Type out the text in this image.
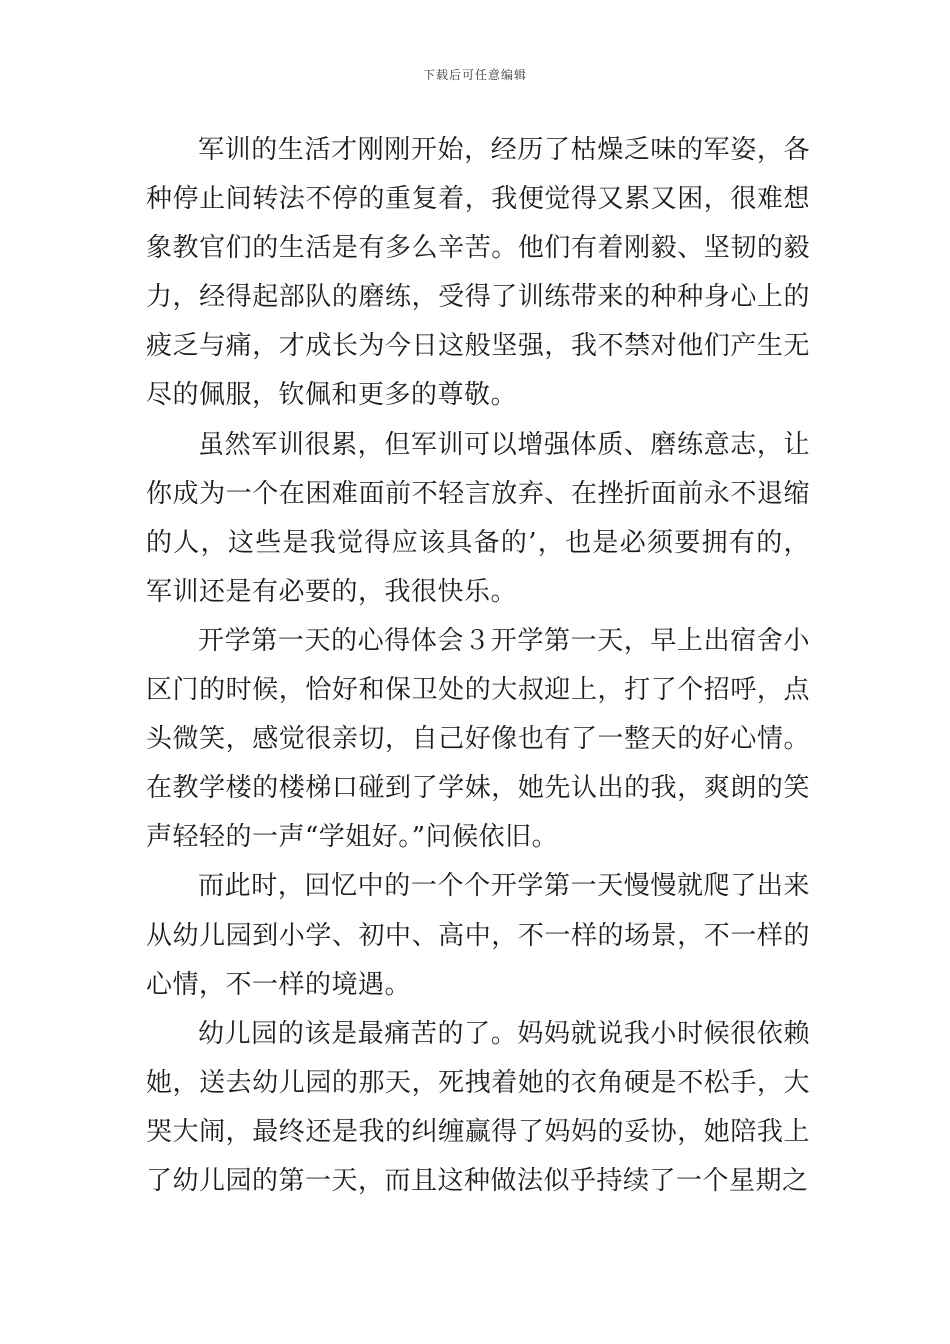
下载后可任意编辑

军训的生活才刚刚开始，经历了枯燥乏味的军姿，各种停止间转法不停的重复着，我便觉得又累又困，很难想象教官们的生活是有多么辛苦。他们有着刚毅、坚韧的毅力，经得起部队的磨练，受得了训练带来的种种身心上的疲乏与痛，才成长为今日这般坚强，我不禁对他们产生无尽的佩服，钦佩和更多的尊敬。

虽然军训很累，但军训可以增强体质、磨练意志，让你成为一个在困难面前不轻言放弃、在挫折面前永不退缩的人，这些是我觉得应该具备的’，也是必须要拥有的，军训还是有必要的，我很快乐。

开学第一天的心得体会３开学第一天，早上出宿舍小区门的时候，恰好和保卫处的大叔迎上，打了个招呼，点头微笑，感觉很亲切，自己好像也有了一整天的好心情。在教学楼的楼梯口碰到了学妹，她先认出的我，爽朗的笑声轻轻的一声“学姐好。”问候依旧。

而此时，回忆中的一个个开学第一天慢慢就爬了出来从幼儿园到小学、初中、高中，不一样的场景，不一样的心情，不一样的境遇。

幼儿园的该是最痛苦的了。妈妈就说我小时候很依赖她，送去幼儿园的那天，死拽着她的衣角硬是不松手，大哭大闹，最终还是我的纠缠赢得了妈妈的妥协，她陪我上了幼儿园的第一天，而且这种做法似乎持续了一个星期之
